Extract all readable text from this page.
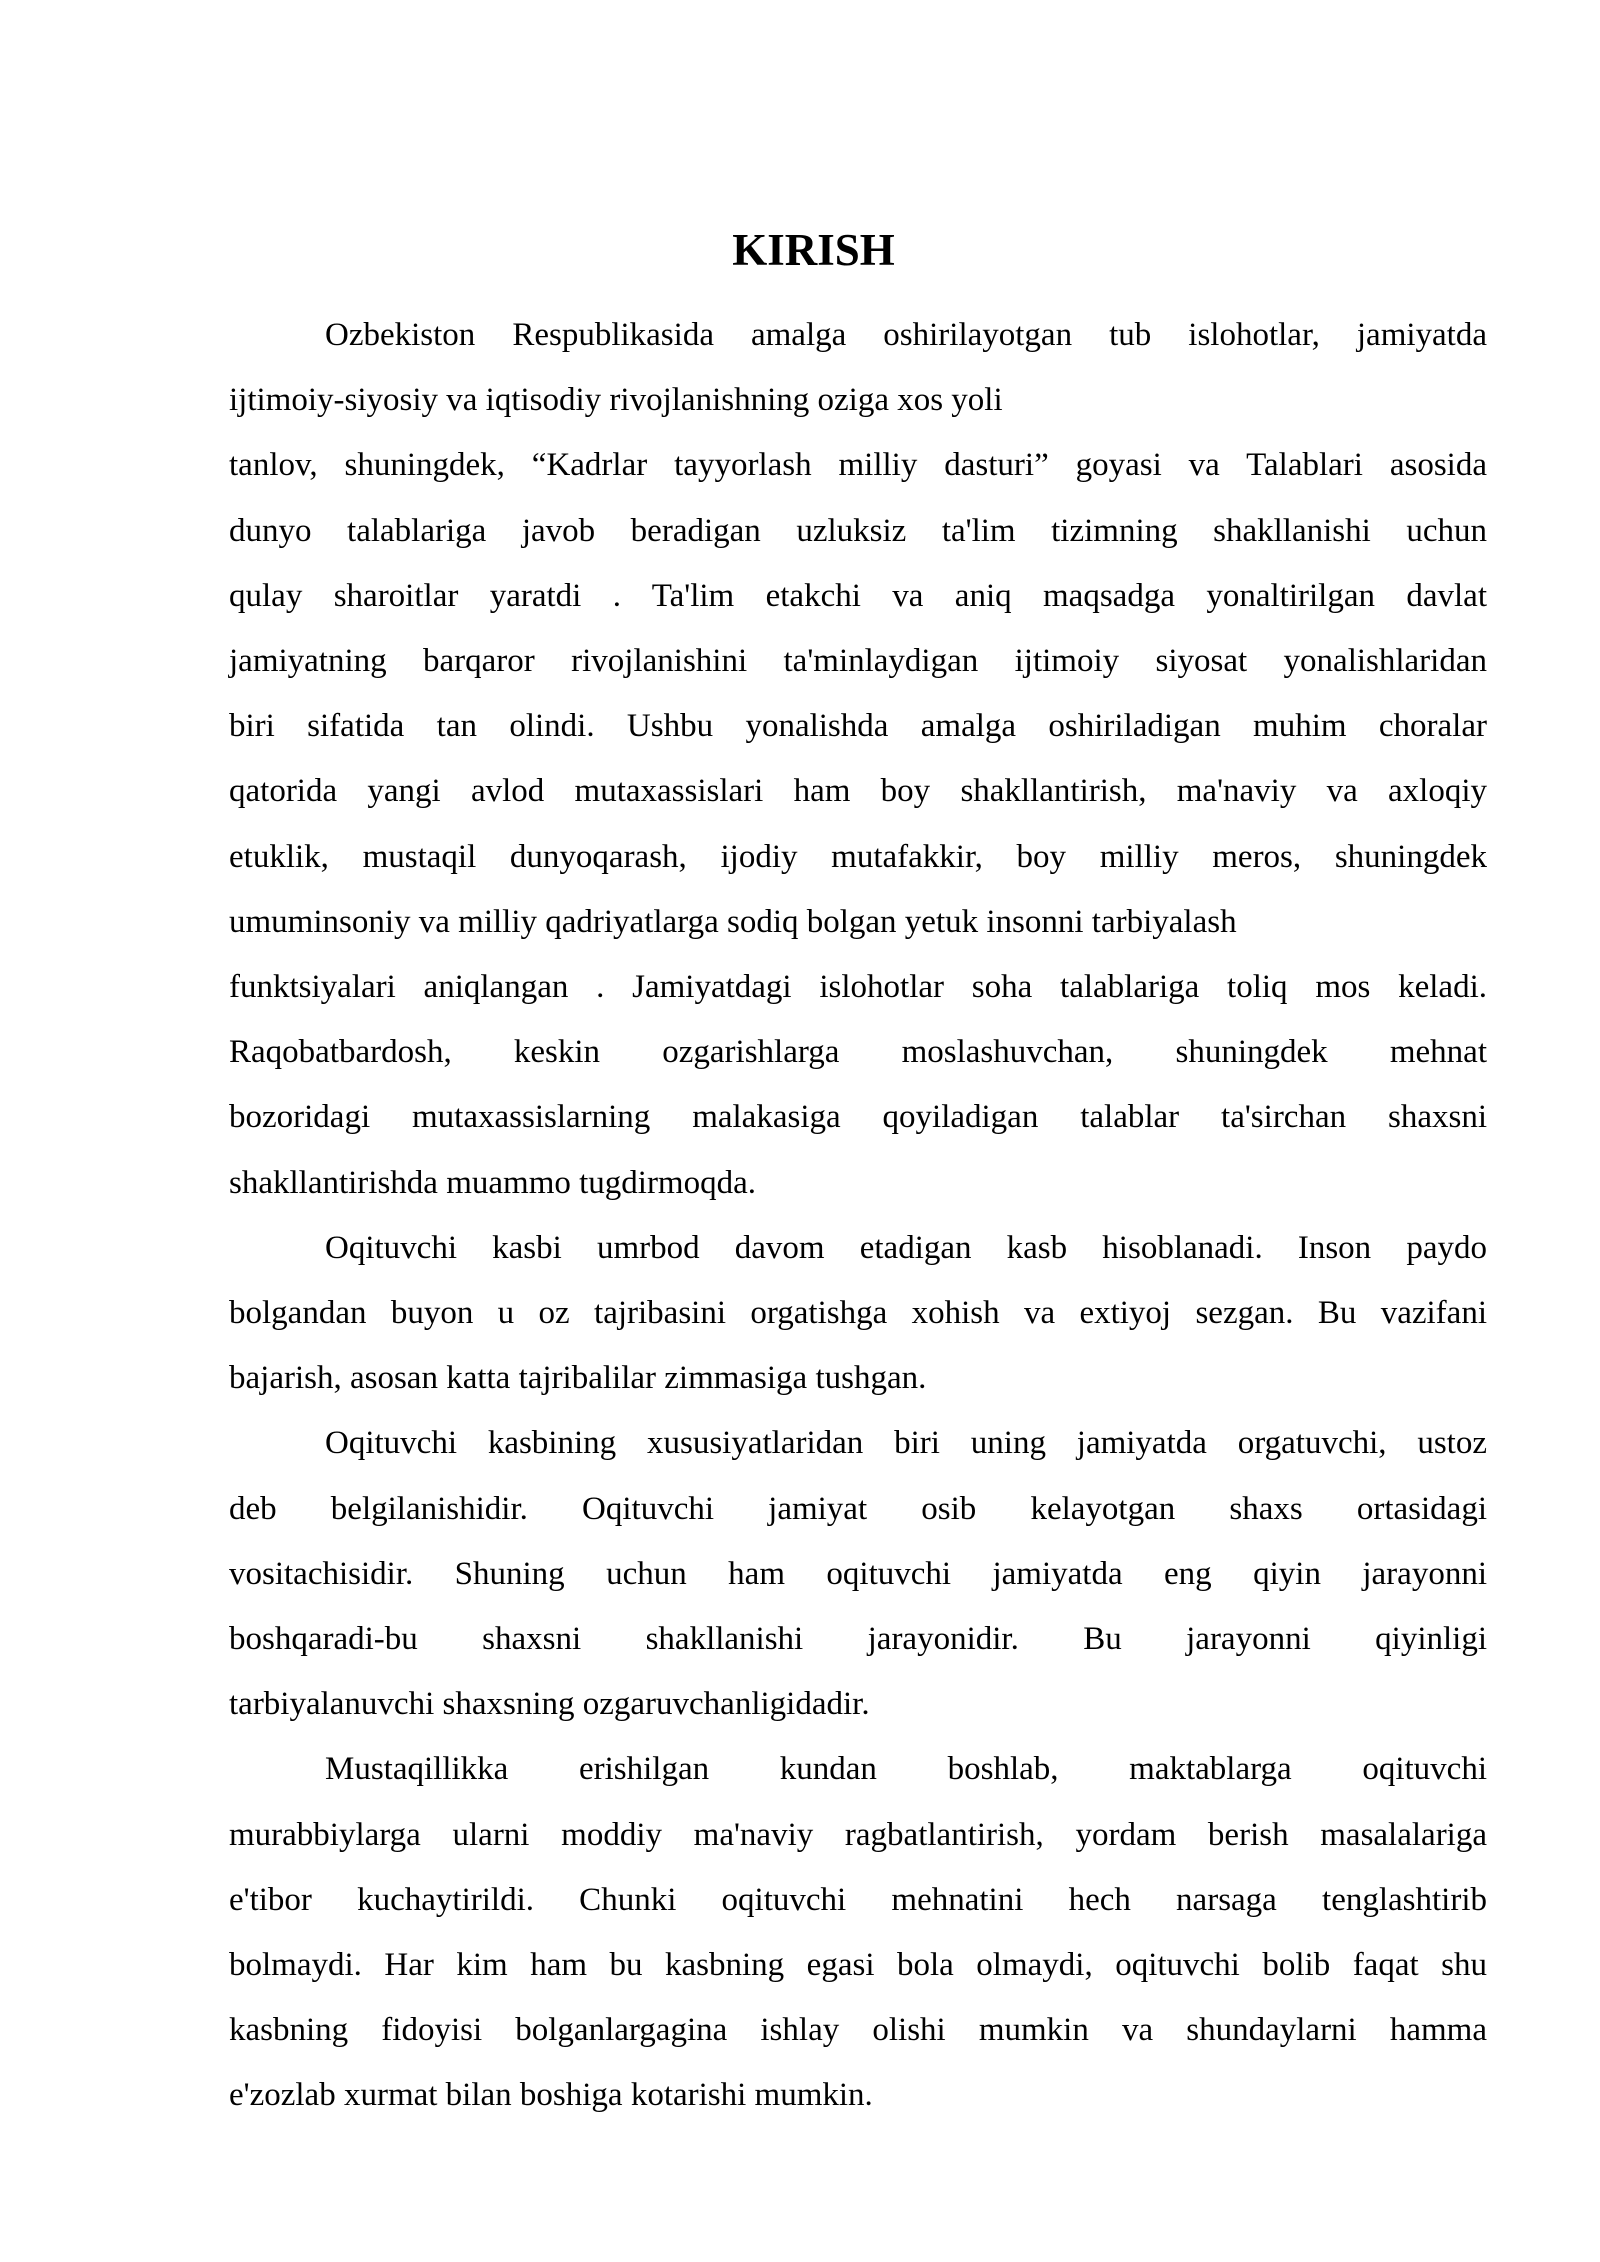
KIRISH

Ozbekiston Respublikasida amalga oshirilayotgan tub islohotlar, jamiyatda
ijtimoiy-siyosiy va iqtisodiy rivojlanishning oziga xos yoli
tanlov, shuningdek, “Kadrlar tayyorlash milliy dasturi” goyasi va Talablari asosida
dunyo talablariga javob beradigan uzluksiz ta'lim tizimning shakllanishi uchun
qulay sharoitlar yaratdi . Ta'lim etakchi va aniq maqsadga yonaltirilgan davlat
jamiyatning barqaror rivojlanishini ta'minlaydigan ijtimoiy siyosat yonalishlaridan
biri sifatida tan olindi. Ushbu yonalishda amalga oshiriladigan muhim choralar
qatorida yangi avlod mutaxassislari ham boy shakllantirish, ma'naviy va axloqiy
etuklik, mustaqil dunyoqarash, ijodiy mutafakkir, boy milliy meros, shuningdek
umuminsoniy va milliy qadriyatlarga sodiq bolgan yetuk insonni tarbiyalash
funktsiyalari aniqlangan . Jamiyatdagi islohotlar soha talablariga toliq mos keladi.
Raqobatbardosh, keskin ozgarishlarga moslashuvchan, shuningdek mehnat
bozoridagi mutaxassislarning malakasiga qoyiladigan talablar ta'sirchan shaxsni
shakllantirishda muammo tugdirmoqda.

Oqituvchi kasbi umrbod davom etadigan kasb hisoblanadi. Inson paydo
bolgandan buyon u oz tajribasini orgatishga xohish va extiyoj sezgan. Bu vazifani
bajarish, asosan katta tajribalilar zimmasiga tushgan.

Oqituvchi kasbining xususiyatlaridan biri uning jamiyatda orgatuvchi, ustoz
deb belgilanishidir. Oqituvchi jamiyat osib kelayotgan shaxs ortasidagi
vositachisidir. Shuning uchun ham oqituvchi jamiyatda eng qiyin jarayonni
boshqaradi-bu shaxsni shakllanishi jarayonidir. Bu jarayonni qiyinligi
tarbiyalanuvchi shaxsning ozgaruvchanligidadir.

Mustaqillikka erishilgan kundan boshlab, maktablarga oqituvchi
murabbiylarga ularni moddiy ma'naviy ragbatlantirish, yordam berish masalalariga
e'tibor kuchaytirildi. Chunki oqituvchi mehnatini hech narsaga tenglashtirib
bolmaydi. Har kim ham bu kasbning egasi bola olmaydi, oqituvchi bolib faqat shu
kasbning fidoyisi bolganlargagina ishlay olishi mumkin va shundaylarni hamma
e'zozlab xurmat bilan boshiga kotarishi mumkin.
